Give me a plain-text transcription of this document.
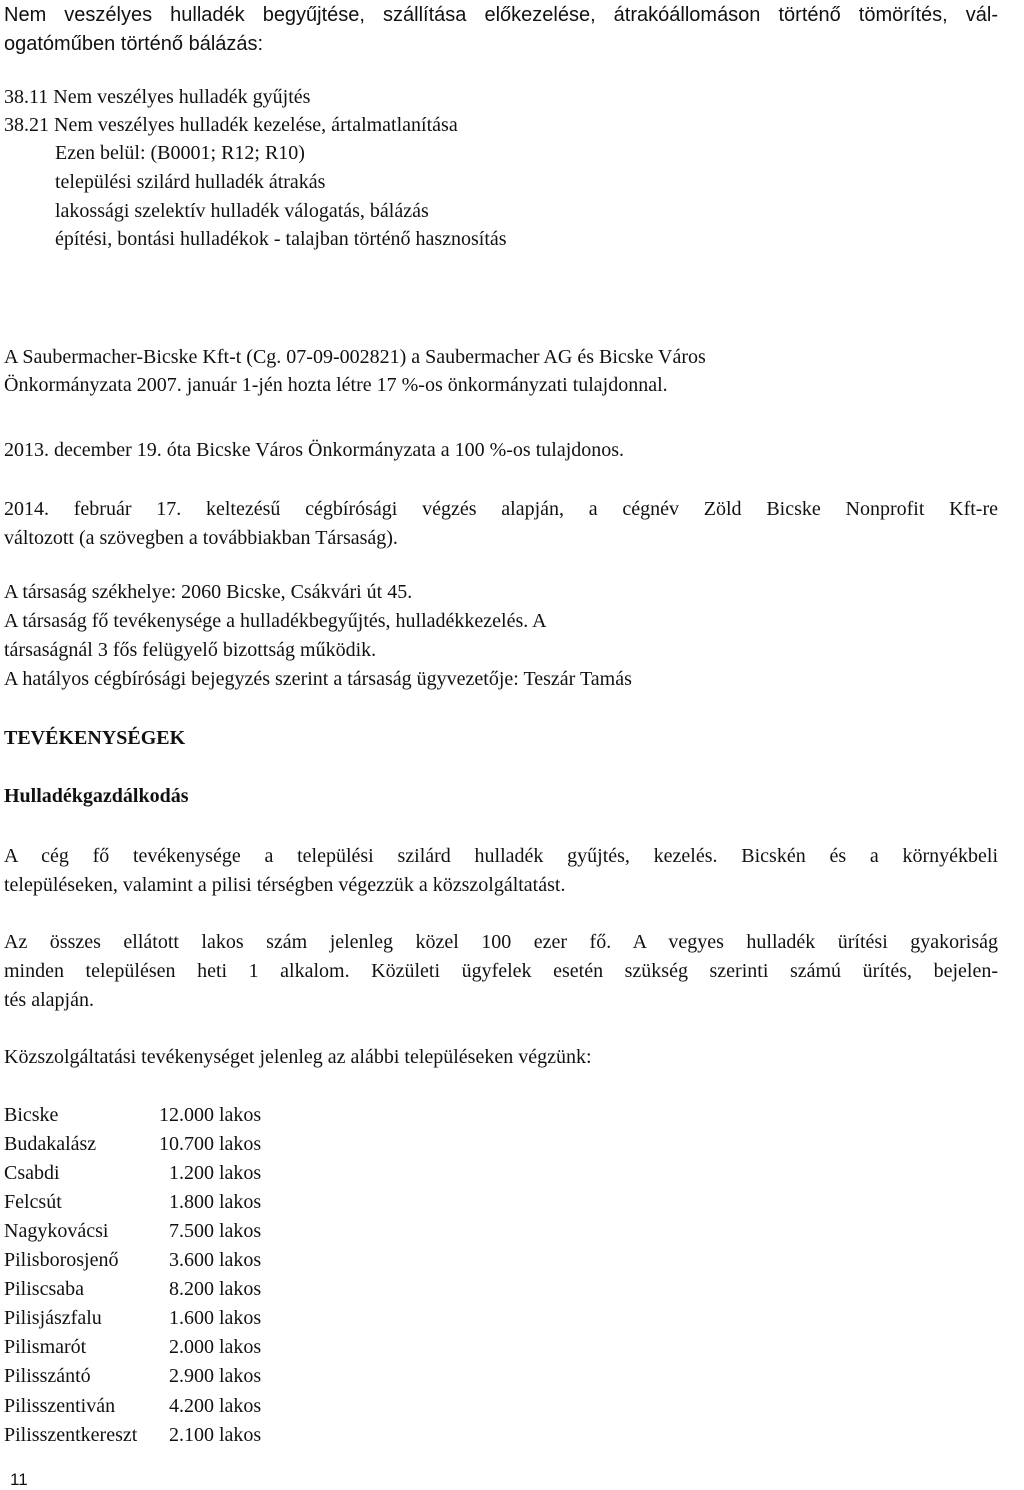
Nem veszélyes hulladék begyűjtése, szállítása előkezelése, átrakóállomáson történő tömörítés, vál-
ogatóműben történő bálázás:
38.11 Nem veszélyes hulladék gyűjtés
38.21 Nem veszélyes hulladék kezelése, ártalmatlanítása
Ezen belül: (B0001; R12; R10)
települési szilárd hulladék átrakás
lakossági szelektív hulladék válogatás, bálázás
építési, bontási hulladékok - talajban történő hasznosítás
A Saubermacher-Bicske Kft-t (Cg. 07-09-002821) a Saubermacher AG és Bicske Város
Önkormányzata 2007. január 1-jén hozta létre 17 %-os önkormányzati tulajdonnal.
2013. december 19. óta Bicske Város Önkormányzata a 100 %-os tulajdonos.
2014. február 17. keltezésű cégbírósági végzés alapján, a cégnév Zöld Bicske Nonprofit Kft-re
változott (a szövegben a továbbiakban Társaság).
A társaság székhelye: 2060 Bicske, Csákvári út 45.
A társaság fő tevékenysége a hulladékbegyűjtés, hulladékkezelés. A
társaságnál 3 fős felügyelő bizottság működik.
A hatályos cégbírósági bejegyzés szerint a társaság ügyvezetője: Teszár Tamás
TEVÉKENYSÉGEK
Hulladékgazdálkodás
A cég fő tevékenysége a települési szilárd hulladék gyűjtés, kezelés. Bicskén és a környékbeli
településeken, valamint a pilisi térségben végezzük a közszolgáltatást.
Az összes ellátott lakos szám jelenleg közel 100 ezer fő. A vegyes hulladék ürítési gyakoriság
minden településen heti 1 alkalom. Közületi ügyfelek esetén szükség szerinti számú ürítés, bejelen-
tés alapján.
Közszolgáltatási tevékenységet jelenleg az alábbi településeken végzünk:
Bicske	12.000 lakos
Budakalász	10.700 lakos
Csabdi	1.200 lakos
Felcsút	1.800 lakos
Nagykovácsi	7.500 lakos
Pilisborosjenő	3.600 lakos
Piliscsaba	8.200 lakos
Pilisjászfalu	1.600 lakos
Pilismarót	2.000 lakos
Pilisszántó	2.900 lakos
Pilisszentiván	4.200 lakos
Pilisszentkereszt	2.100 lakos
11
